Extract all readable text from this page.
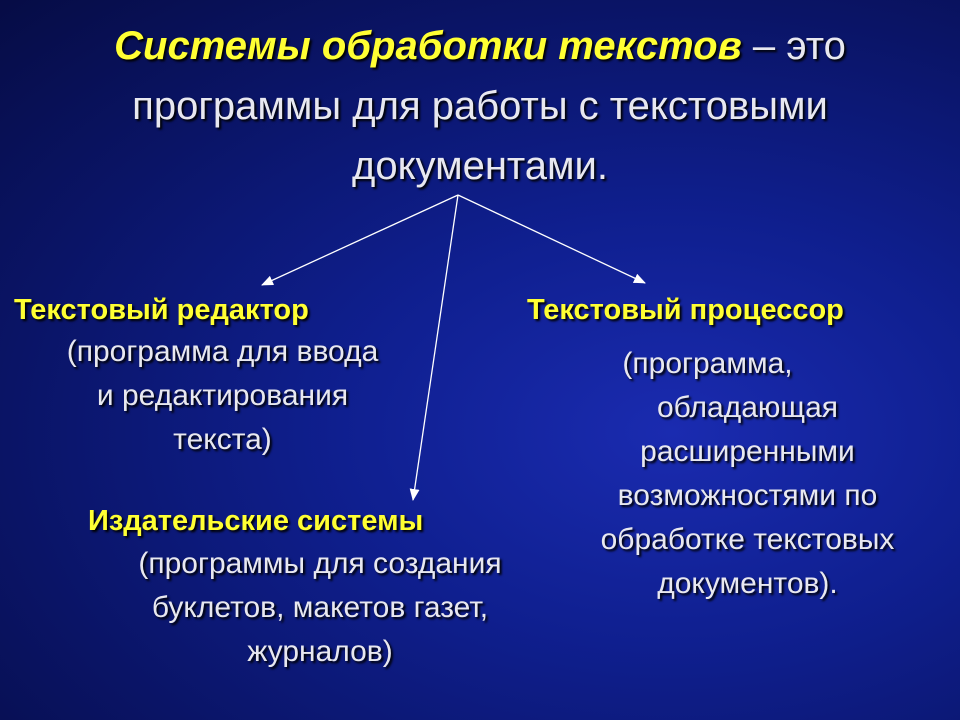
Системы обработки текстов – это
программы для работы с текстовыми
документами.
Текстовый редактор
(программа для ввода
и редактирования
текста)
Текстовый процессор
(программа,
обладающая
расширенными
возможностями по
обработке текстовых
документов).
Издательские системы
(программы для создания
буклетов, макетов газет,
журналов)
